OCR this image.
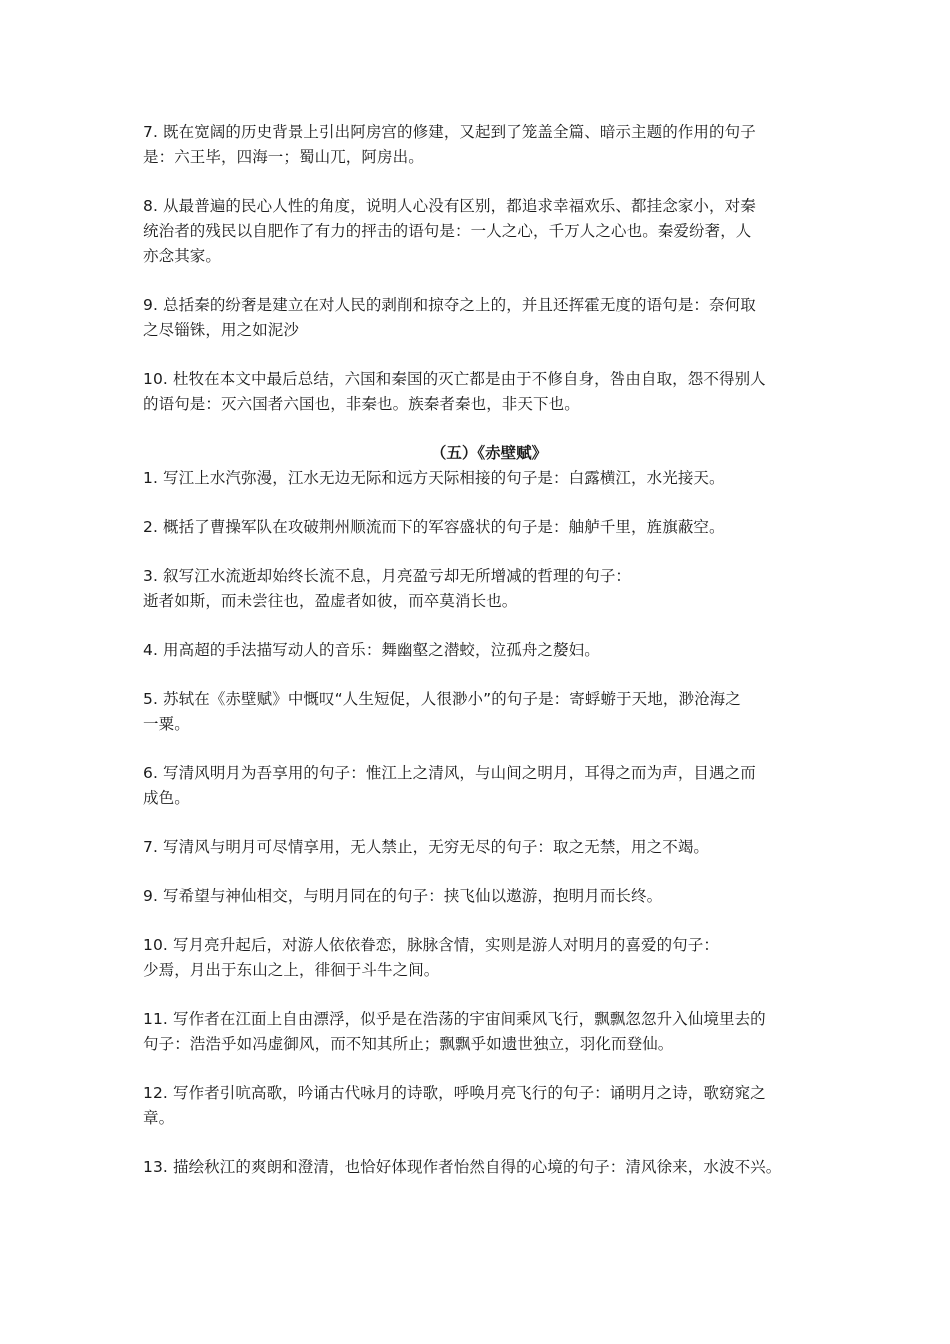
7. 既在宽阔的历史背景上引出阿房宫的修建，又起到了笼盖全篇、暗示主题的作用的句子
是：六王毕，四海一；蜀山兀，阿房出。

8. 从最普遍的民心人性的角度，说明人心没有区别，都追求幸福欢乐、都挂念家小，对秦
统治者的残民以自肥作了有力的抨击的语句是：一人之心，千万人之心也。秦爱纷奢，人
亦念其家。

9. 总括秦的纷奢是建立在对人民的剥削和掠夺之上的，并且还挥霍无度的语句是：奈何取
之尽锱铢，用之如泥沙

10. 杜牧在本文中最后总结，六国和秦国的灭亡都是由于不修自身，咎由自取，怨不得别人
的语句是：灭六国者六国也，非秦也。族秦者秦也，非天下也。

（五）《赤壁赋》

1. 写江上水汽弥漫，江水无边无际和远方天际相接的句子是：白露横江，水光接天。

2. 概括了曹操军队在攻破荆州顺流而下的军容盛状的句子是：舳舻千里，旌旗蔽空。

3. 叙写江水流逝却始终长流不息，月亮盈亏却无所增减的哲理的句子：
逝者如斯，而未尝往也，盈虚者如彼，而卒莫消长也。

4. 用高超的手法描写动人的音乐：舞幽壑之潜蛟，泣孤舟之嫠妇。

5. 苏轼在《赤壁赋》中慨叹“人生短促，人很渺小”的句子是：寄蜉蝣于天地，渺沧海之
一粟。

6. 写清风明月为吾享用的句子：惟江上之清风，与山间之明月，耳得之而为声，目遇之而
成色。

7. 写清风与明月可尽情享用，无人禁止，无穷无尽的句子：取之无禁，用之不竭。

9. 写希望与神仙相交，与明月同在的句子：挟飞仙以遨游，抱明月而长终。

10. 写月亮升起后，对游人依依眷恋，脉脉含情，实则是游人对明月的喜爱的句子：
少焉，月出于东山之上，徘徊于斗牛之间。

11. 写作者在江面上自由漂浮，似乎是在浩荡的宇宙间乘风飞行，飘飘忽忽升入仙境里去的
句子：浩浩乎如冯虚御风，而不知其所止；飘飘乎如遗世独立，羽化而登仙。

12. 写作者引吭高歌，吟诵古代咏月的诗歌，呼唤月亮飞行的句子：诵明月之诗，歌窈窕之
章。

13. 描绘秋江的爽朗和澄清，也恰好体现作者怡然自得的心境的句子：清风徐来，水波不兴。
